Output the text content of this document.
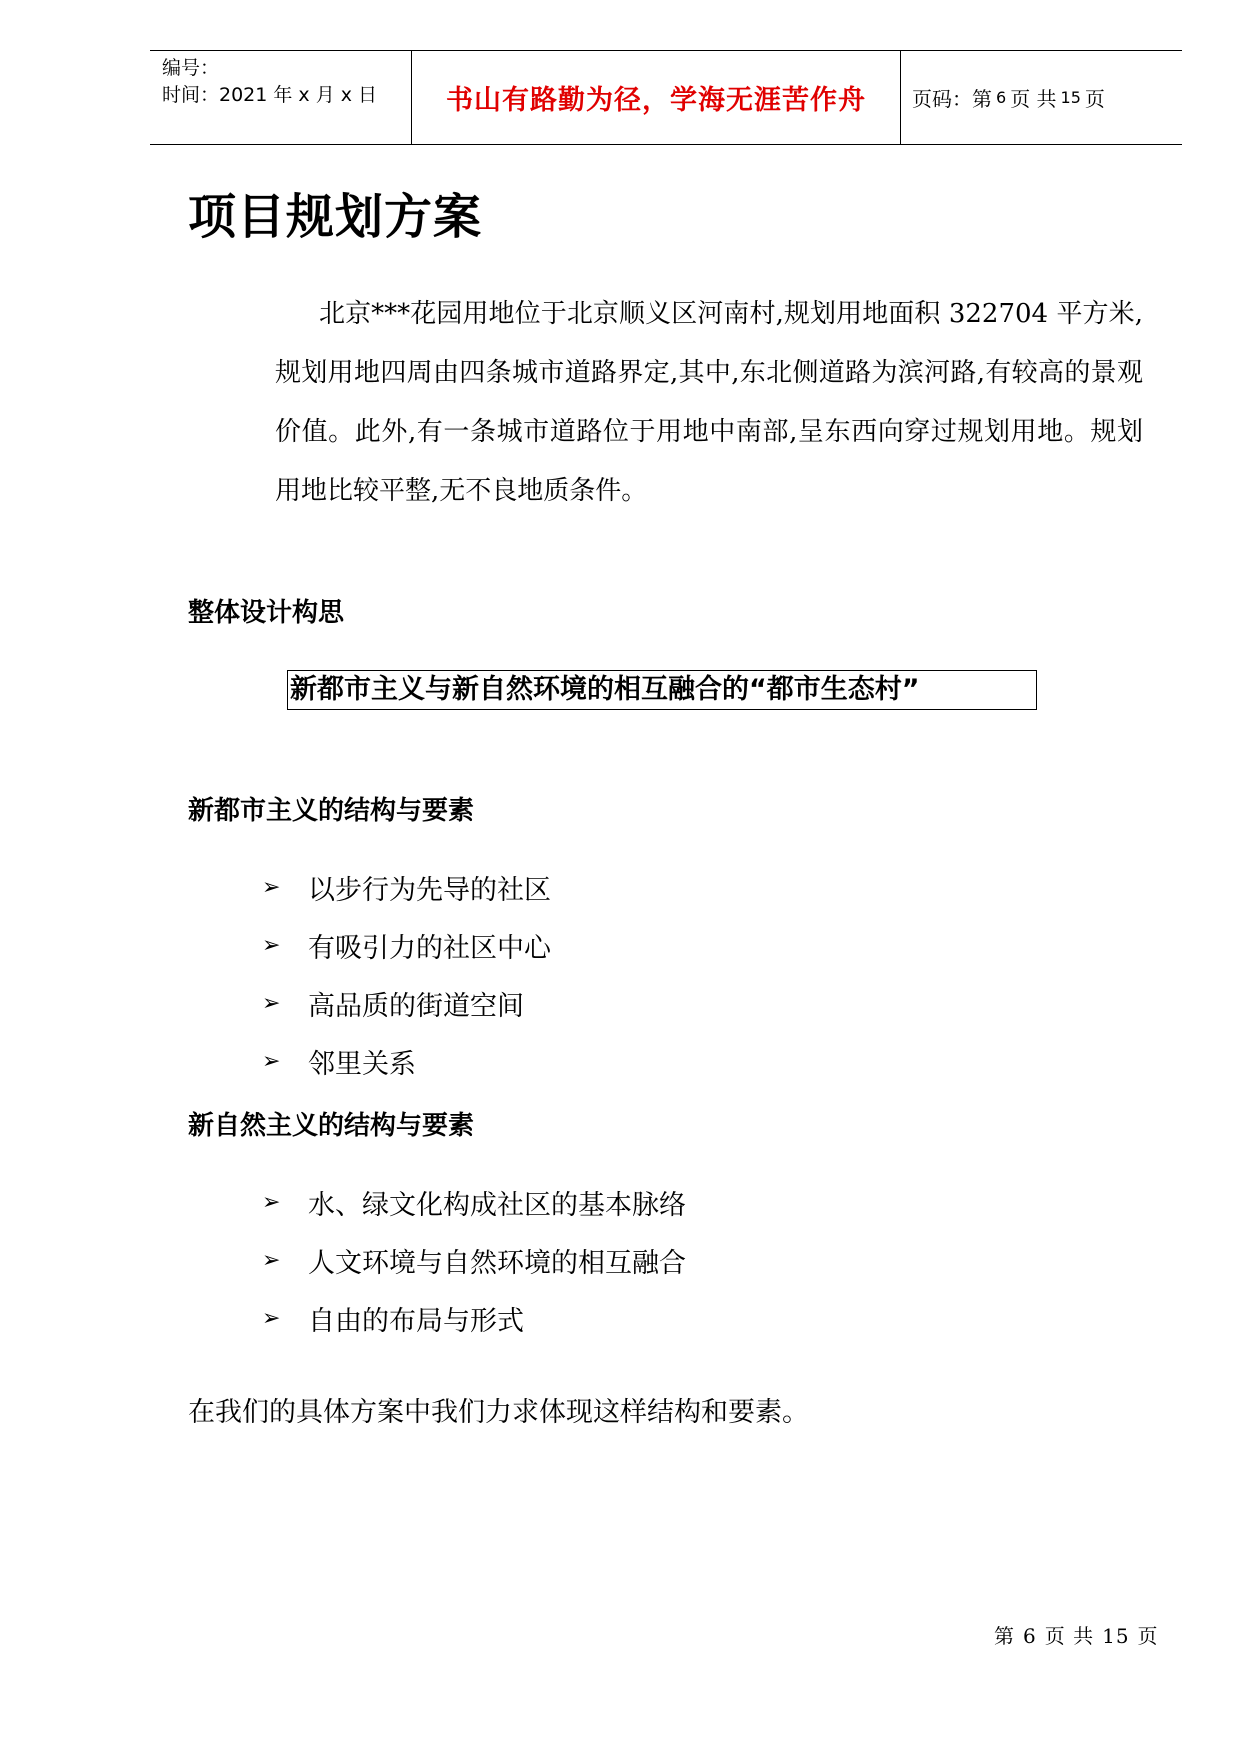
编号：
时间：2021 年 x 月 x 日	书山有路勤为径，学海无涯苦作舟	页码：第 6 页 共 15 页
项目规划方案

北京***花园用地位于北京顺义区河南村,规划用地面积 322704 平方米,规划用地四周由四条城市道路界定,其中,东北侧道路为滨河路,有较高的景观价值。此外,有一条城市道路位于用地中南部,呈东西向穿过规划用地。规划用地比较平整,无不良地质条件。

整体设计构思
新都市主义与新自然环境的相互融合的“都市生态村”
新都市主义的结构与要素
➢	以步行为先导的社区
➢	有吸引力的社区中心
➢	高品质的街道空间
➢	邻里关系
新自然主义的结构与要素
➢	水、绿文化构成社区的基本脉络
➢	人文环境与自然环境的相互融合
➢	自由的布局与形式
在我们的具体方案中我们力求体现这样结构和要素。
第 6 页 共 15 页
